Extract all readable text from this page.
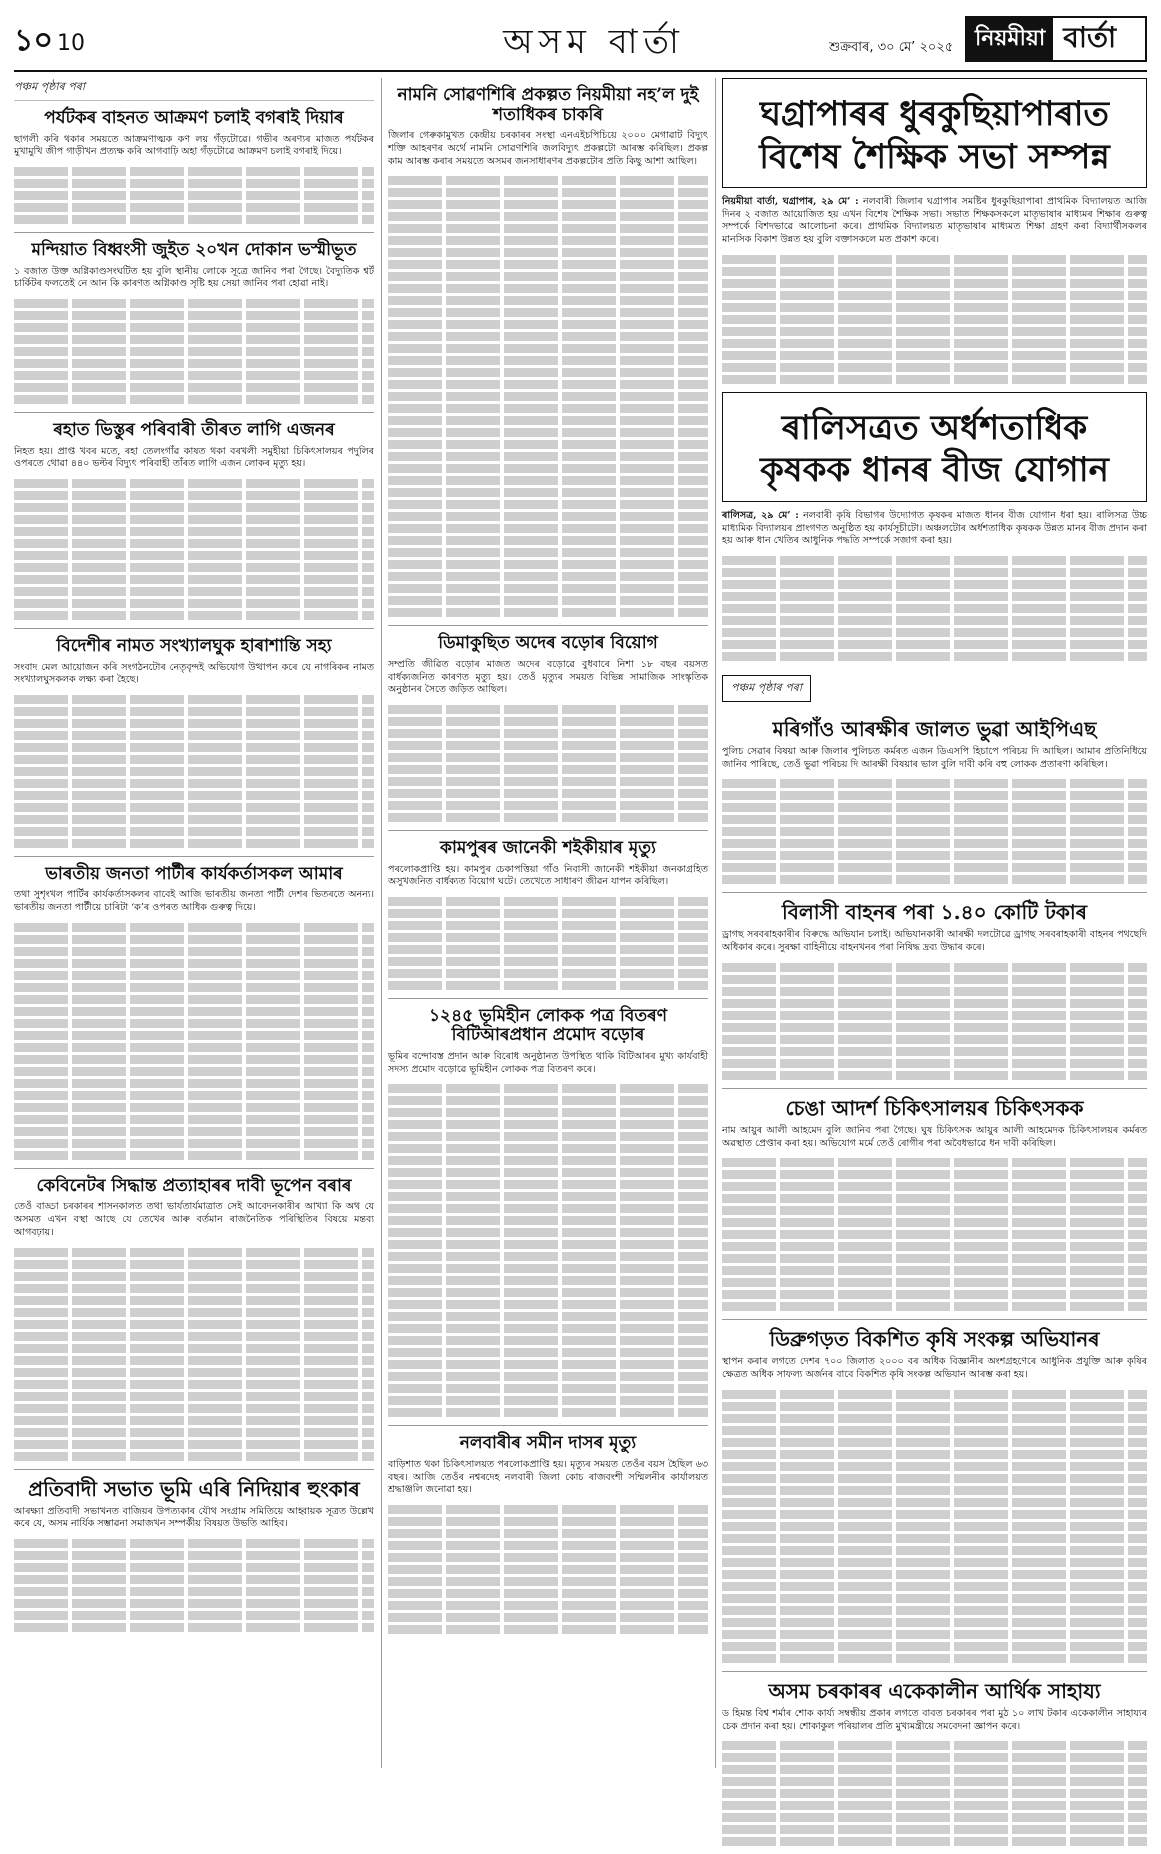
১০ 10	অসম বাৰ্তা	শুক্ৰবাৰ, ৩০ মে’ ২০২৫ নিয়মীয়া বাৰ্তা
পঞ্চম পৃষ্ঠাৰ পৰা
পৰ্যটকৰ বাহনত আক্ৰমণ চলাই বগৰাই দিয়াৰ

ছাগলী কৰি থকাৰ সময়তে আক্ৰমণাত্মক কণ লয় গঁড়টোৱে। গভীৰ অৰণ্যৰ মাজত পৰ্যটকৰ মুখামুখি জীপ গাড়ীখন প্ৰত্যক্ষ কৰি আগবাঢ়ি অহা গঁড়টোৱে আক্ৰমণ চলাই বগৰাই দিয়ে।

মন্দিয়াত বিধ্বংসী জুইত ২০খন দোকান ভস্মীভূত

১ বজাত উক্ত অগ্নিকাণ্ডসংঘটিত হয় বুলি স্থানীয় লোকে সূত্ৰে জানিব পৰা গৈছে। বৈদ্যুতিক শ্বৰ্ট চাৰ্কিটৰ ফলতেই নে আন কি কাৰণত অগ্নিকাণ্ড সৃষ্টি হয় সেয়া জানিব পৰা হোৱা নাই।

ৰহাত ভিস্তুৰ পৰিবাৰী তীৰত লাগি এজনৰ

নিহত হয়। প্ৰাপ্ত খবৰ মতে, ৰহা তেলংগাঁৱ কাষত থকা বৰখলী সমুহীয়া চিকিৎসালয়ৰ পদুলিৰ ওপৰতে থোৱা ৪৪০ ভল্টৰ বিদ্যুৎ পৰিবাহী তাঁৰত লাগি এজন লোকৰ মৃত্যু হয়।

বিদেশীৰ নামত সংখ্যালঘুক হাৰাশান্তি সহ্য

সংবাদ মেল আয়োজন কৰি সংগঠনটোৰ নেতৃবৃন্দই অভিযোগ উত্থাপন কৰে যে নাগৰিকৰ নামত সংখ্যালঘুসকলক লক্ষ্য কৰা হৈছে।

ভাৰতীয় জনতা পাৰ্টীৰ কাৰ্যকৰ্তাসকল আমাৰ

তথা সুশৃংখল পাৰ্টিৰ কাৰ্যকৰ্তাসকলৰ বাবেই আজি ভাৰতীয় জনতা পাৰ্টী দেশৰ ভিতৰতে অনন্য। ভাৰতীয় জনতা পাৰ্টীয়ে চাৰিটা ‘ক’ৰ ওপৰত আধিক গুৰুত্ব দিয়ে।

কেবিনেটৰ সিদ্ধান্ত প্ৰত্যাহাৰৰ দাবী ভূপেন বৰাৰ

তেওঁ বাড্ডা চৰকাৰৰ শাসনকালত তথা ভাৰ্যতাৰ্যমাত্ৰাত সেই আবেদনকাৰীৰ আখ্যা কি অথ যে অসমত এখন বস্থা আছে যে তেখেৰ আৰু বৰ্তমান ৰাজনৈতিক পৰিস্থিতিৰ বিষয়ে মন্তব্য আগবঢ়ায়।

প্ৰতিবাদী সভাত ভূমি এৰি নিদিয়াৰ হুংকাৰ

আৰক্ষ্যা প্ৰতিবাদী সভাখনত বাজিয়ৰ উপত্যকাৰ যৌথ সংগ্ৰাম সমিতিয়ে আহ্বায়ক সূত্ৰত উল্লেখ কৰে যে, অসম নাৰ্যিক সম্ভাৱনা সমাজখন সম্পৰ্কীয় বিষয়ত উভতি আহিব।

নামনি সোৱণশিৰি প্ৰকল্পত নিয়মীয়া নহ’ল দুই শতাধিকৰ চাকৰি

জিলাৰ গেৰুকামুখত কেন্দ্ৰীয় চৰকাৰৰ সংস্থা এনএইচপিচিয়ে ২০০০ মেগাৱাট বিদ্যুৎ শক্তি আহৰণৰ অৰ্থে নামনি সোৱণশিৰি জলবিদ্যুৎ প্ৰকল্পটো আৰম্ভ কৰিছিল। প্ৰকল্প কাম আৰম্ভ কৰাৰ সময়তে অসমৰ জনসাধাৰণৰ প্ৰকল্পটোৰ প্ৰতি কিছু আশা আছিল।

ডিমাকুছিত অদেৰ বড়োৰ বিয়োগ

সম্প্ৰতি জীৱিত বড়োৰ মাজত অদেৰ বড়োৱে বুধবাৰে নিশা ১৮ বছৰ বয়সত বাৰ্ধক্যজনিত কাৰণত মৃত্যু হয়। তেওঁ মৃত্যুৰ সময়ত বিভিন্ন সামাজিক সাংস্কৃতিক অনুষ্ঠানৰ সৈতে জড়িত আছিল।

কামপুৰৰ জানেকী শইকীয়াৰ মৃত্যু

পৰলোকপ্ৰাপ্তি হয়। কামপুৰ চেকাপত্তিয়া গাঁও নিবাসী জানেকী শইকীয়া জনকাগ্ৰহিত অসুখজনিত বাৰ্ধক্যত বিয়োগ ঘটে। তেখেতে সাধাৰণ জীৱন যাপন কৰিছিল।

১২৪৫ ভূমিহীন লোকক পত্ৰ বিতৰণ বিটিআৰপ্ৰধান প্ৰমোদ বড়োৰ

ভূমিৰ বন্দোবস্ত প্ৰদান আৰু বিৰোধ অনুষ্ঠানত উপস্থিত থাকি বিটিআৰৰ মুখ্য কাৰ্যবাহী সদস্য প্ৰমোদ বড়োৱে ভূমিহীন লোকক পত্ৰ বিতৰণ কৰে।

নলবাৰীৰ সমীন দাসৰ মৃত্যু

বাড়িশাত থকা চিকিৎসালয়ত পৰলোকপ্ৰাপ্তি হয়। মৃত্যুৰ সময়ত তেওঁৰ বয়স হৈছিল ৬৩ বছৰ। আজি তেওঁৰ নশ্বৰদেহ নলবাৰী জিলা কোচ ৰাজবংশী সম্মিলনীৰ কাৰ্যালয়ত শ্ৰদ্ধাঞ্জলি জনোৱা হয়।

ঘগ্ৰাপাৰৰ ধুৰকুছিয়াপাৰাত বিশেষ শৈক্ষিক সভা সম্পন্ন

নিয়মীয়া বাৰ্তা, ঘগ্ৰাপাৰ, ২৯ মে’ : নলবাৰী জিলাৰ ঘগ্ৰাপাৰ সমষ্টিৰ ধুৰকুছিয়াপাৰা প্ৰাথমিক বিদ্যালয়ত আজি দিনৰ ২ বজাত আয়োজিত হয় এখন বিশেষ শৈক্ষিক সভা। সভাত শিক্ষকসকলে মাতৃভাষাৰ মাধ্যমৰ শিক্ষাৰ গুৰুত্ব সম্পৰ্কে বিশদভাৱে আলোচনা কৰে। প্ৰাথমিক বিদ্যালয়ত মাতৃভাষাৰ মাধ্যমত শিক্ষা গ্ৰহণ কৰা বিদ্যাৰ্থীসকলৰ মানসিক বিকাশ উন্নত হয় বুলি বক্তাসকলে মত প্ৰকাশ কৰে।

ৰালিসত্ৰত অৰ্ধশতাধিক কৃষকক ধানৰ বীজ যোগান

ৰালিসত্ৰ, ২৯ মে’ : নলবাৰী কৃষি বিভাগৰ উদ্যোগত কৃষকৰ মাজত ধানৰ বীজ যোগান ধৰা হয়। ৰালিসত্ৰ উচ্চ মাধ্যমিক বিদ্যালয়ৰ প্ৰাংগণত অনুষ্ঠিত হয় কাৰ্যসূচীটো। অঞ্চলটোৰ অৰ্ধশতাধিক কৃষকক উন্নত মানৰ বীজ প্ৰদান কৰা হয় আৰু ধান খেতিৰ আধুনিক পদ্ধতি সম্পৰ্কে সজাগ কৰা হয়।

পঞ্চম পৃষ্ঠাৰ পৰা
মৰিগাঁও আৰক্ষীৰ জালত ভুৱা আইপিএছ

পুলিচ সেৱাৰ বিষয়া আৰু জিলাৰ পুলিচত কৰ্মৰত এজন ডিএসপি হিচাপে পৰিচয় দি আছিল। আমাৰ প্ৰতিনিধিয়ে জানিব পাৰিছে, তেওঁ ভুৱা পৰিচয় দি আৰক্ষী বিষয়াৰ ভাল বুলি দাবী কৰি বহু লোকক প্ৰতাৰণা কৰিছিল।

বিলাসী বাহনৰ পৰা ১.৪০ কোটি টকাৰ

ড্ৰাগছ সৰবৰাহকাৰীৰ বিৰুদ্ধে অভিযান চলাই। অভিযানকাৰী আৰক্ষী দলটোৱে ড্ৰাগছ সৰবৰাহকাৰী বাহনৰ পথছেদি অধিকাৰ কৰে। সুৰক্ষা বাহিনীয়ে বাহনখনৰ পৰা নিষিদ্ধ দ্ৰব্য উদ্ধাৰ কৰে।

চেঙা আদৰ্শ চিকিৎসালয়ৰ চিকিৎসকক

নাম আয়ুৰ আলী আহমেদ বুলি জানিব পৰা গৈছে। ঘুষ চিকিৎসক আয়ুৰ আলী আহমেদক চিকিৎসালয়ৰ কৰ্মৰত অৱস্থাত প্ৰেপ্তাৰ কৰা হয়। অভিযোগ মৰ্মে তেওঁ ৰোগীৰ পৰা অবৈধভাৱে ধন দাবী কৰিছিল।

ডিব্ৰুগড়ত বিকশিত কৃষি সংকল্প অভিযানৰ

স্থাপন কৰাৰ লগতে দেশৰ ৭০০ জিলাত ২০০০ বৰ অধিক বিজ্ঞানীৰ অংশগ্ৰহণেৰে আধুনিক প্ৰযুক্তি আৰু কৃষিৰ ক্ষেত্ৰত অধিক সাফল্য অৰ্জনৰ বাবে বিকশিত কৃষি সংকল্প অভিযান আৰম্ভ কৰা হয়।

অসম চৰকাৰৰ একেকালীন আৰ্থিক সাহায্য

ড হিমন্ত বিশ্ব শৰ্মাৰ শোক কাৰ্য্য সম্বন্ধীয় প্ৰকাৰ লগতে বাবত চৰকাৰৰ পৰা মুঠ ১০ লাখ টকাৰ একেকালীন সাহায্যৰ চেক প্ৰদান কৰা হয়। শোকাকুল পৰিয়ালৰ প্ৰতি মুখ্যমন্ত্ৰীয়ে সমবেদনা জ্ঞাপন কৰে।
